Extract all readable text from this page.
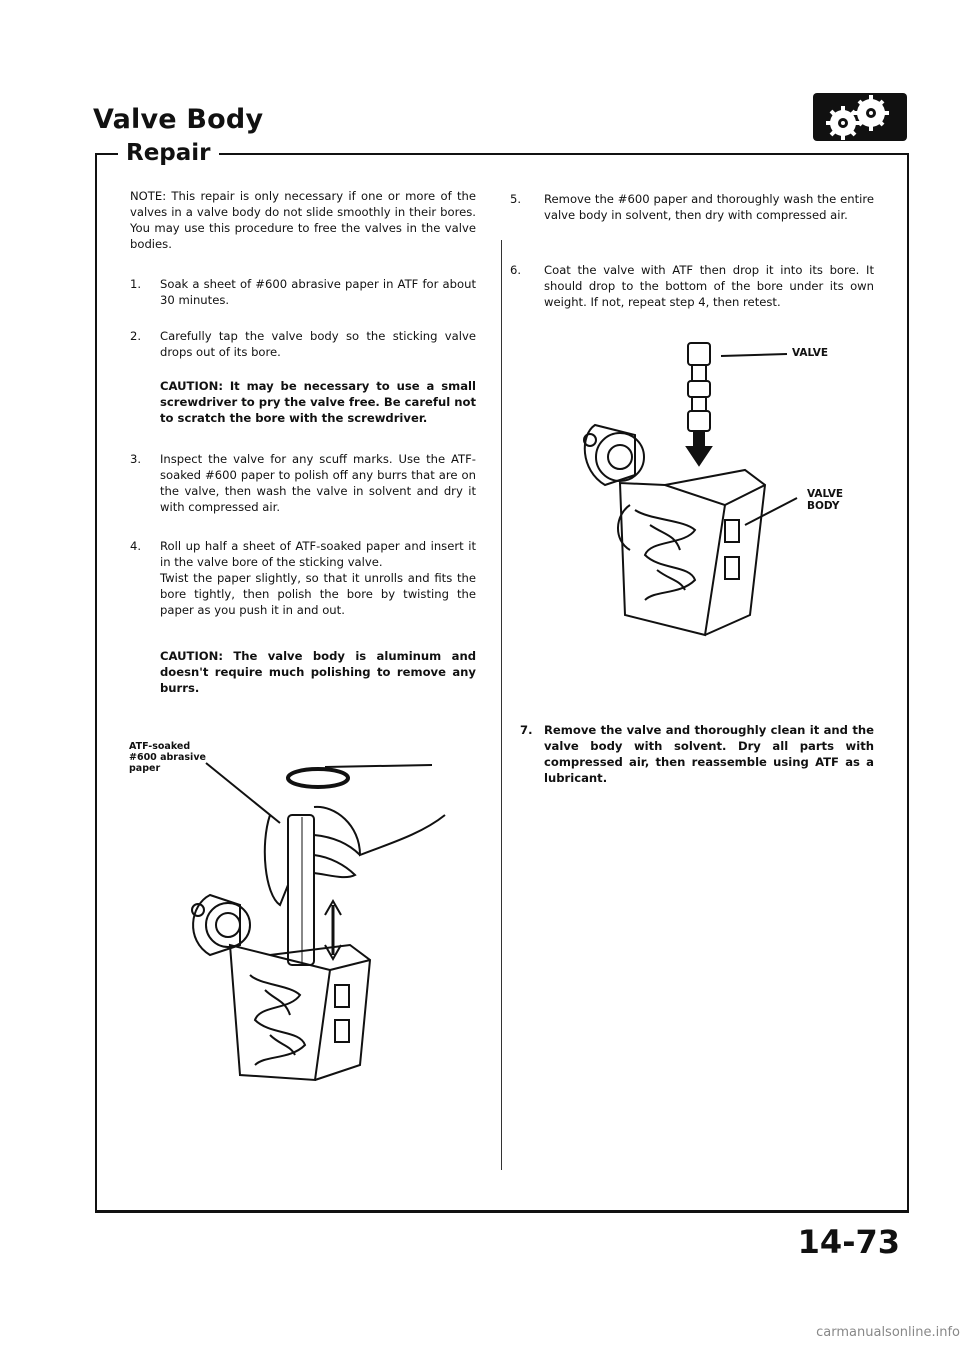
Valve Body
Repair
NOTE: This repair is only necessary if one or more of the valves in a valve body do not slide smoothly in their bores. You may use this procedure to free the valves in the valve bodies.
1. Soak a sheet of #600 abrasive paper in ATF for about 30 minutes.
2. Carefully tap the valve body so the sticking valve drops out of its bore.
CAUTION: It may be necessary to use a small screwdriver to pry the valve free. Be careful not to scratch the bore with the screwdriver.
3. Inspect the valve for any scuff marks. Use the ATF-soaked #600 paper to polish off any burrs that are on the valve, then wash the valve in solvent and dry it with compressed air.
4. Roll up half a sheet of ATF-soaked paper and insert it in the valve bore of the sticking valve.
Twist the paper slightly, so that it unrolls and fits the bore tightly, then polish the bore by twisting the paper as you push it in and out.
CAUTION: The valve body is aluminum and doesn't require much polishing to remove any burrs.
ATF-soaked
#600 abrasive
paper
5. Remove the #600 paper and thoroughly wash the entire valve body in solvent, then dry with compressed air.
6. Coat the valve with ATF then drop it into its bore. It should drop to the bottom of the bore under its own weight. If not, repeat step 4, then retest.
VALVE
VALVE
BODY
7. Remove the valve and thoroughly clean it and the valve body with solvent. Dry all parts with compressed air, then reassemble using ATF as a lubricant.
14-73
carmanualsonline.info
